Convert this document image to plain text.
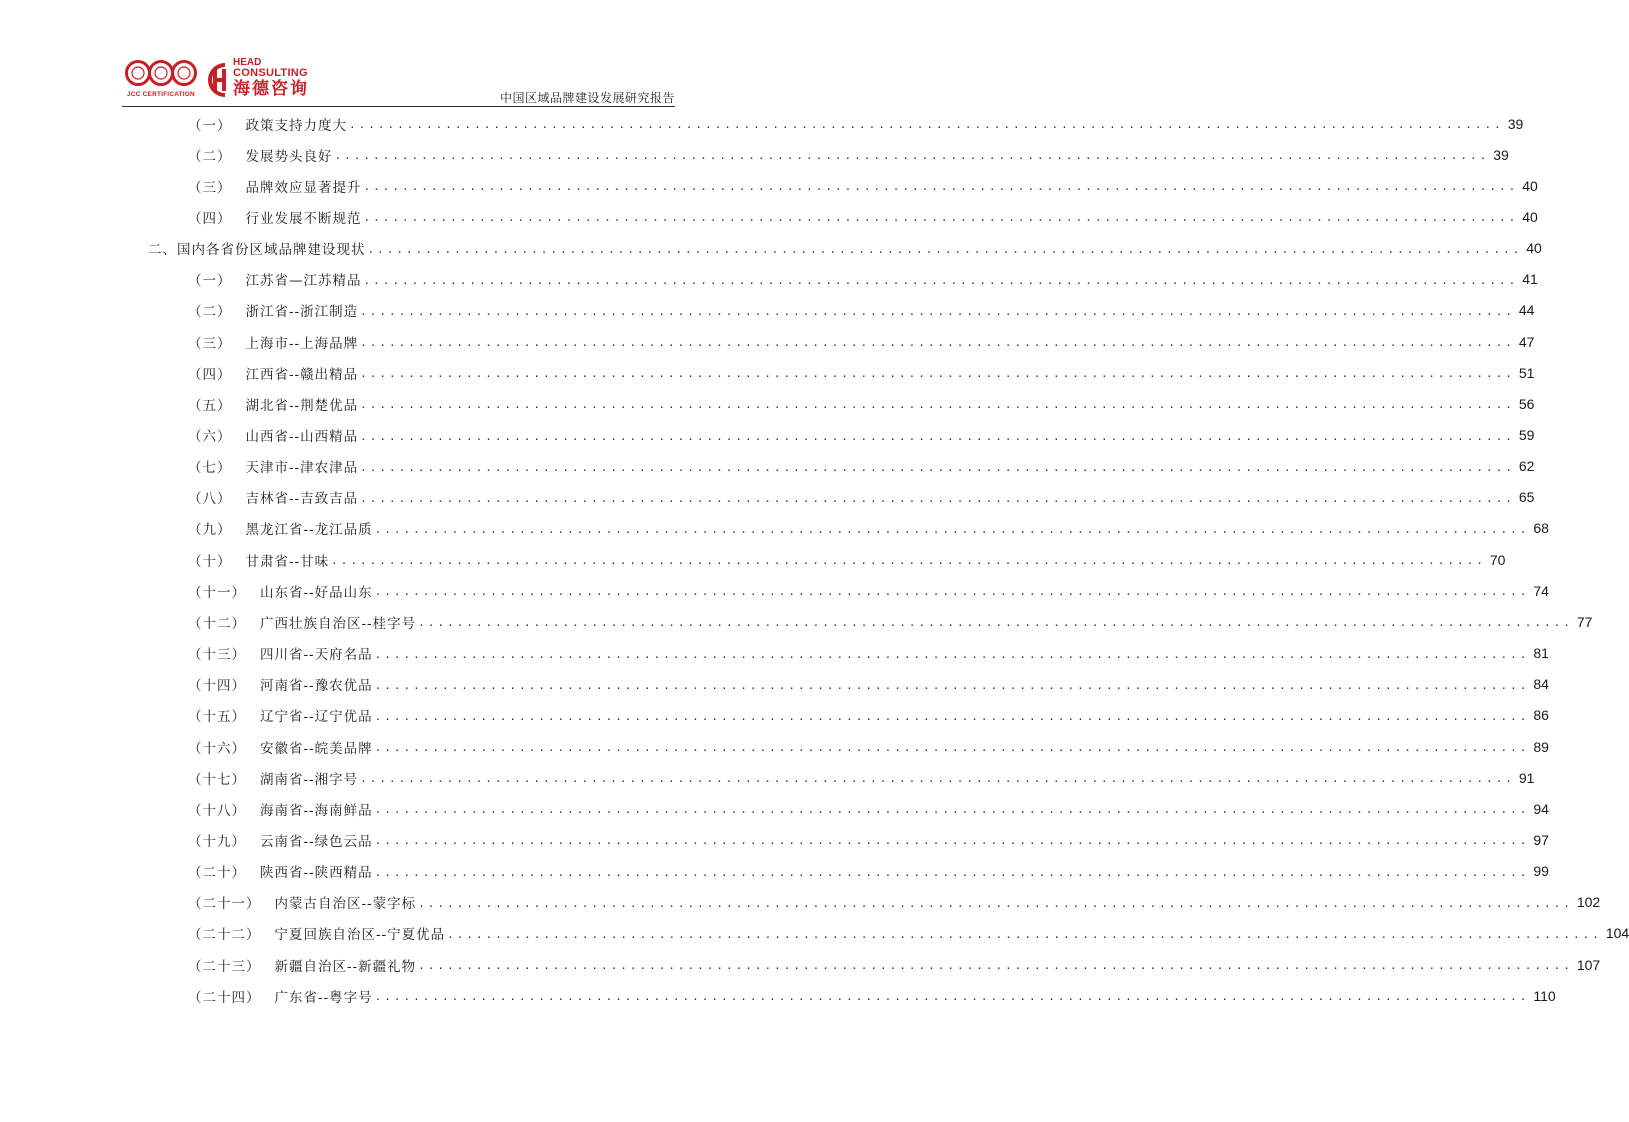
JCC CERTIFICATION
HEAD
CONSULTING
海德咨询	中国区域品牌建设发展研究报告
（一） 政策支持力度大 ........................................................................................................................ 39
（二） 发展势头良好 ........................................................................................................................ 39
（三） 品牌效应显著提升 ........................................................................................................................ 40
（四） 行业发展不断规范 ........................................................................................................................ 40
二、 国内各省份区域品牌建设现状 ........................................................................................................................ 40
（一） 江苏省—江苏精品 ........................................................................................................................ 41
（二） 浙江省--浙江制造 ........................................................................................................................ 44
（三） 上海市--上海品牌 ........................................................................................................................ 47
（四） 江西省--赣出精品 ........................................................................................................................ 51
（五） 湖北省--荆楚优品 ........................................................................................................................ 56
（六） 山西省--山西精品 ........................................................................................................................ 59
（七） 天津市--津农津品 ........................................................................................................................ 62
（八） 吉林省--吉致吉品 ........................................................................................................................ 65
（九） 黑龙江省--龙江品质 ........................................................................................................................ 68
（十） 甘肃省--甘味 ........................................................................................................................ 70
（十一） 山东省--好品山东 ........................................................................................................................ 74
（十二） 广西壮族自治区--桂字号 ........................................................................................................................ 77
（十三） 四川省--天府名品 ........................................................................................................................ 81
（十四） 河南省--豫农优品 ........................................................................................................................ 84
（十五） 辽宁省--辽宁优品 ........................................................................................................................ 86
（十六） 安徽省--皖美品牌 ........................................................................................................................ 89
（十七） 湖南省--湘字号 ........................................................................................................................ 91
（十八） 海南省--海南鲜品 ........................................................................................................................ 94
（十九） 云南省--绿色云品 ........................................................................................................................ 97
（二十） 陕西省--陕西精品 ........................................................................................................................ 99
（二十一） 内蒙古自治区--蒙字标 ........................................................................................................................ 102
（二十二） 宁夏回族自治区--宁夏优品 ........................................................................................................................ 104
（二十三） 新疆自治区--新疆礼物 ........................................................................................................................ 107
（二十四） 广东省--粤字号 ........................................................................................................................ 110
